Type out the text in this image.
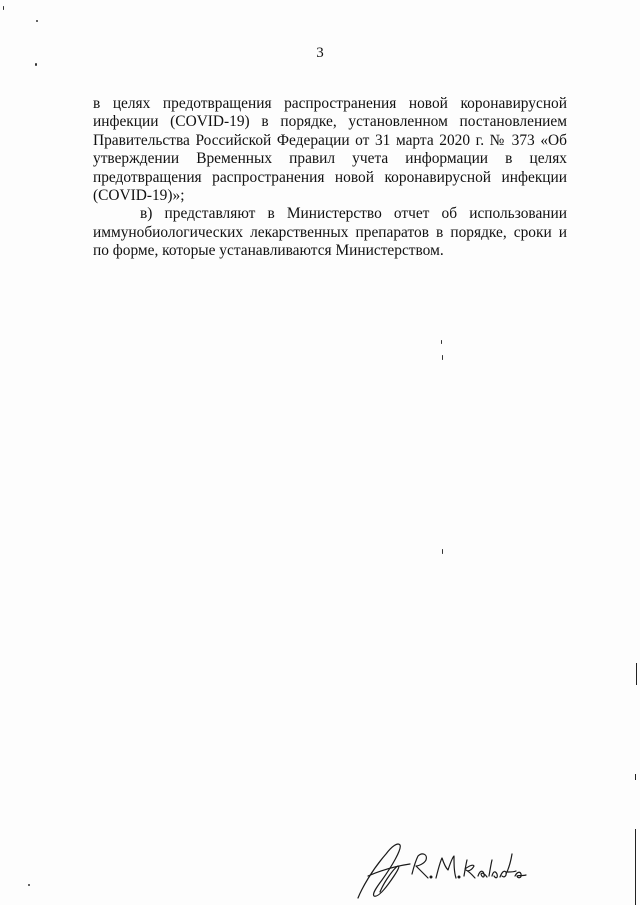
3

в целях предотвращения распространения новой коронавирусной инфекции (COVID-19) в порядке, установленном постановлением Правительства Российской Федерации от 31 марта 2020 г. № 373 «Об утверждении Временных правил учета информации в целях предотвращения распространения новой коронавирусной инфекции (COVID-19)»;

в) представляют в Министерство отчет об использовании иммунобиологических лекарственных препаратов в порядке, сроки и по форме, которые устанавливаются Министерством.
